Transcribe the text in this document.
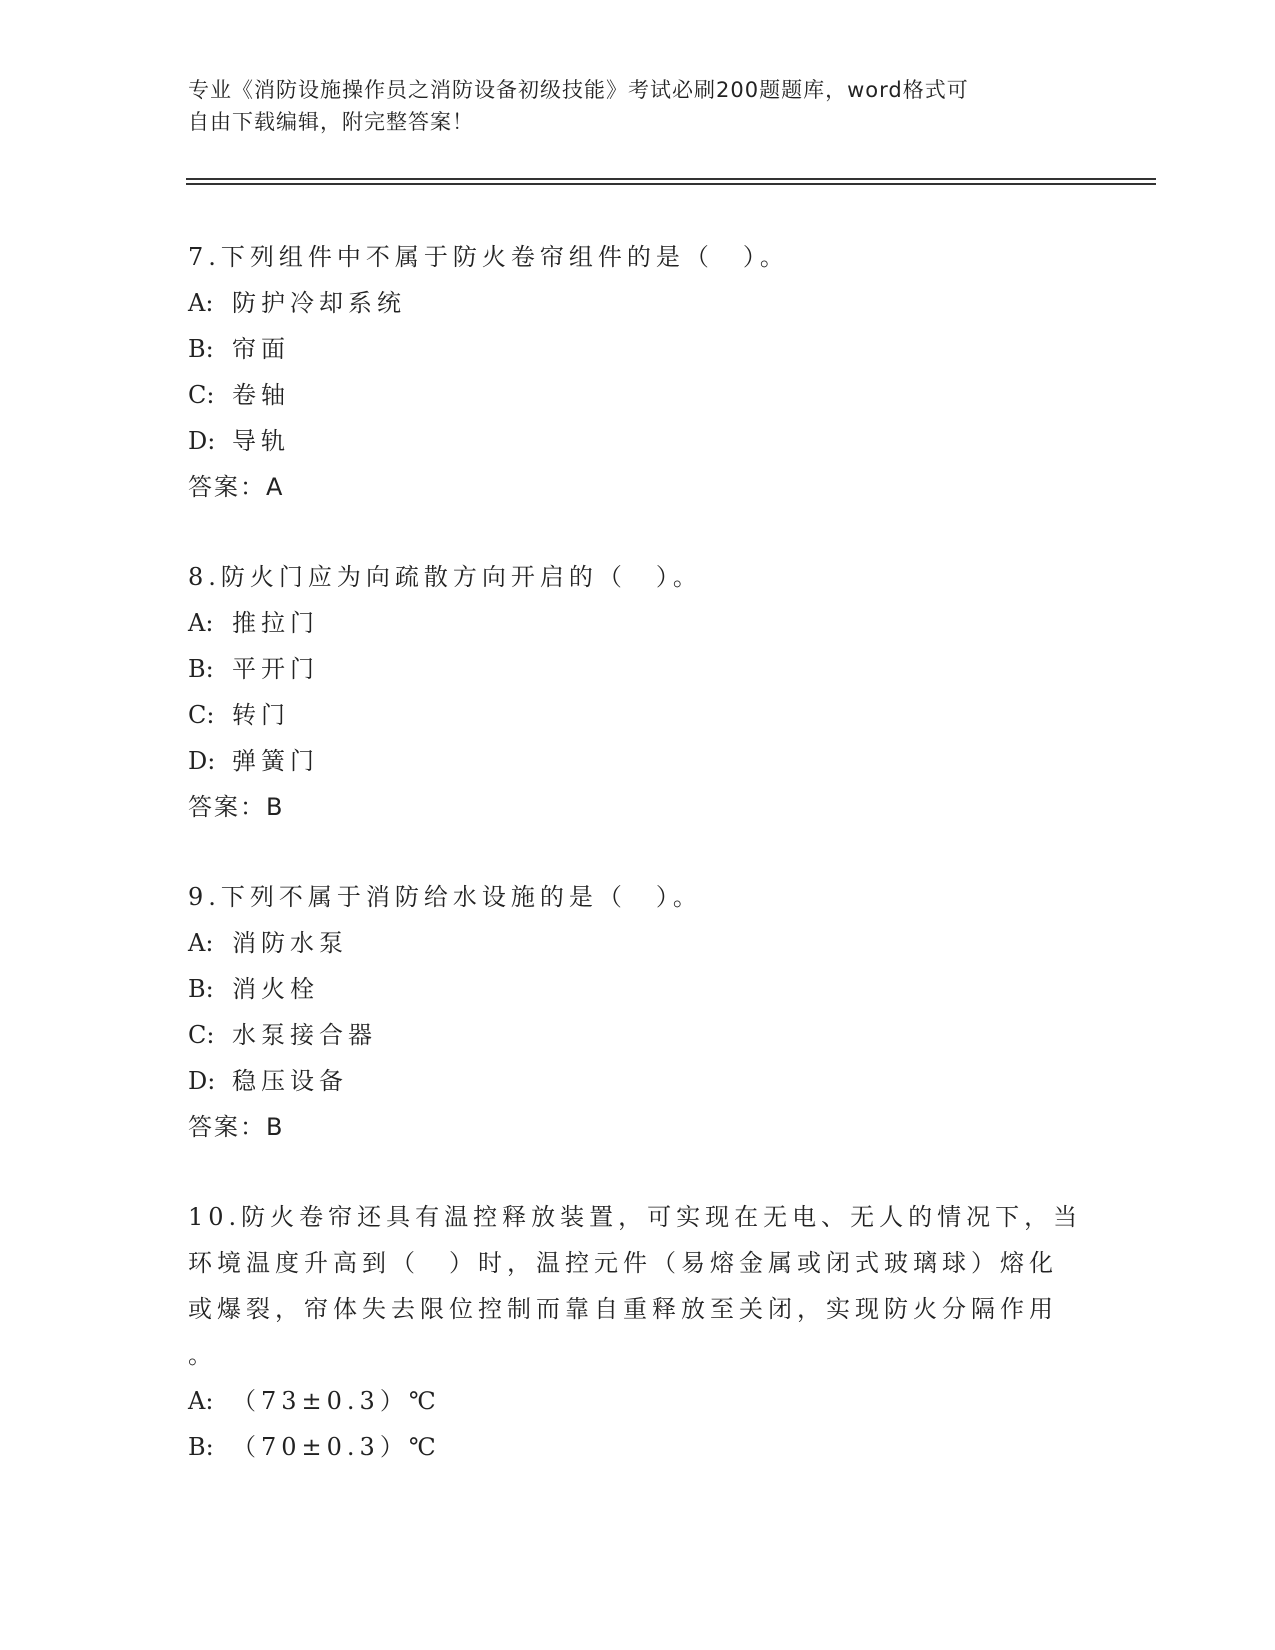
专业《消防设施操作员之消防设备初级技能》考试必刷200题题库，word格式可
自由下载编辑，附完整答案！

7.下列组件中不属于防火卷帘组件的是（　）。

A: 防护冷却系统

B: 帘面

C: 卷轴

D: 导轨

答案：A

8.防火门应为向疏散方向开启的（　）。

A: 推拉门

B: 平开门

C: 转门

D: 弹簧门

答案：B

9.下列不属于消防给水设施的是（　）。

A: 消防水泵

B: 消火栓

C: 水泵接合器

D: 稳压设备

答案：B

10.防火卷帘还具有温控释放装置，可实现在无电、无人的情况下，当

环境温度升高到（　）时，温控元件（易熔金属或闭式玻璃球）熔化

或爆裂，帘体失去限位控制而靠自重释放至关闭，实现防火分隔作用

。

A: （73±0.3）℃

B: （70±0.3）℃
